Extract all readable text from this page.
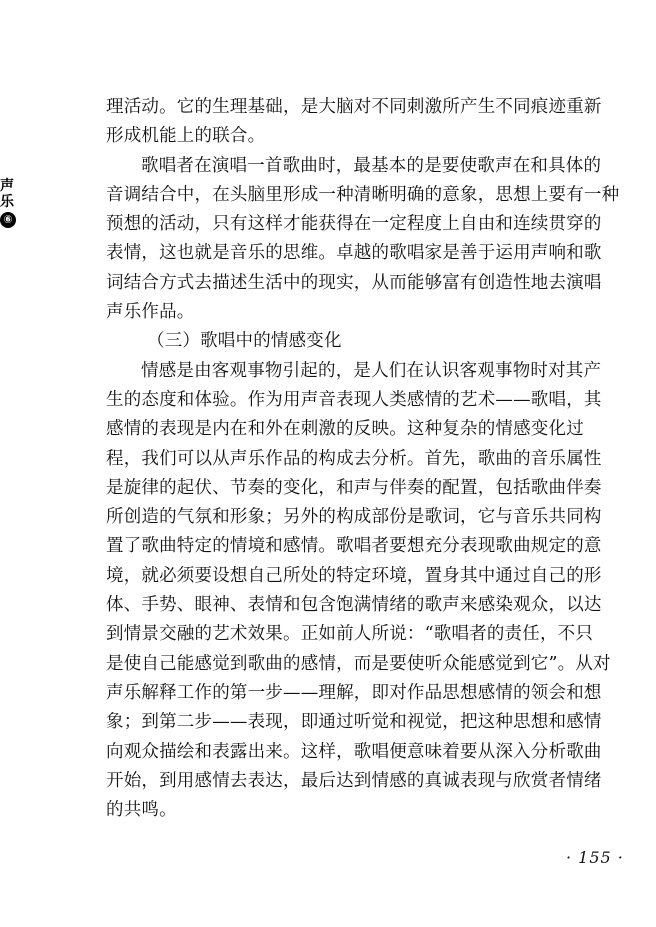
声
乐
⑥
理活动。它的生理基础，是大脑对不同刺激所产生不同痕迹重新
形成机能上的联合。
歌唱者在演唱一首歌曲时，最基本的是要使歌声在和具体的
音调结合中，在头脑里形成一种清晰明确的意象，思想上要有一种
预想的活动，只有这样才能获得在一定程度上自由和连续贯穿的
表情，这也就是音乐的思维。卓越的歌唱家是善于运用声响和歌
词结合方式去描述生活中的现实，从而能够富有创造性地去演唱
声乐作品。
（三）歌唱中的情感变化
情感是由客观事物引起的，是人们在认识客观事物时对其产
生的态度和体验。作为用声音表现人类感情的艺术——歌唱，其
感情的表现是内在和外在刺激的反映。这种复杂的情感变化过
程，我们可以从声乐作品的构成去分析。首先，歌曲的音乐属性
是旋律的起伏、节奏的变化，和声与伴奏的配置，包括歌曲伴奏
所创造的气氛和形象；另外的构成部份是歌词，它与音乐共同构
置了歌曲特定的情境和感情。歌唱者要想充分表现歌曲规定的意
境，就必须要设想自己所处的特定环境，置身其中通过自己的形
体、手势、眼神、表情和包含饱满情绪的歌声来感染观众，以达
到情景交融的艺术效果。正如前人所说：“歌唱者的责任，不只
是使自己能感觉到歌曲的感情，而是要使听众能感觉到它”。从对
声乐解释工作的第一步——理解，即对作品思想感情的领会和想
象；到第二步——表现，即通过听觉和视觉，把这种思想和感情
向观众描绘和表露出来。这样，歌唱便意味着要从深入分析歌曲
开始，到用感情去表达，最后达到情感的真诚表现与欣赏者情绪
的共鸣。
· 155 ·
